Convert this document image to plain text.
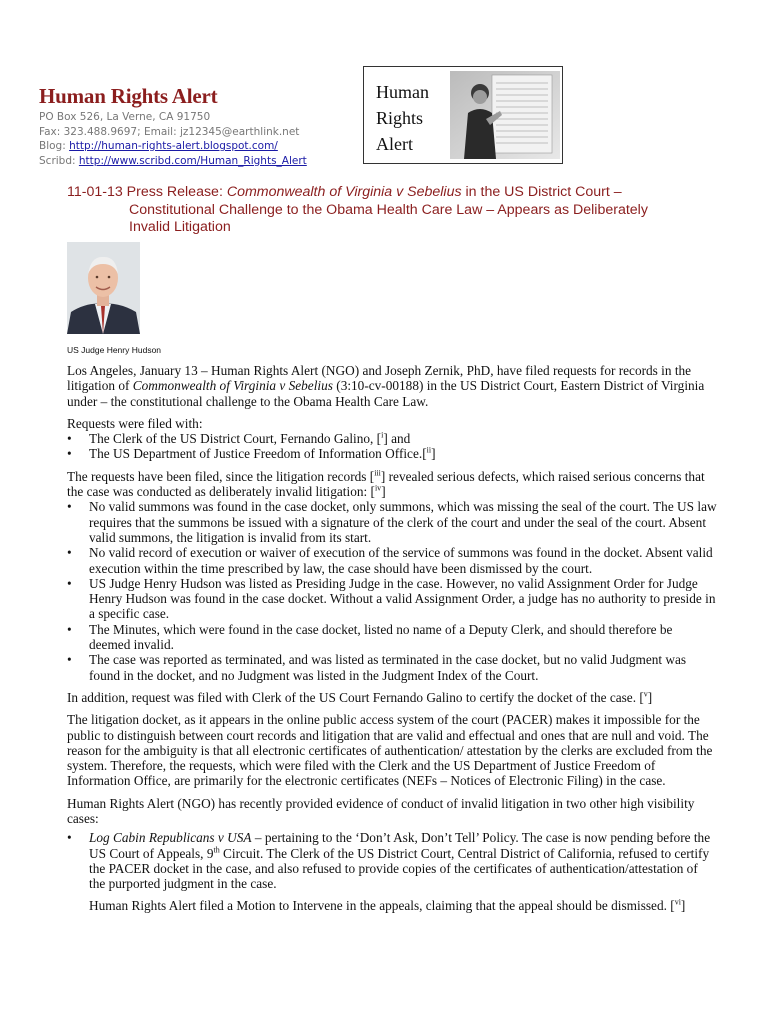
Human Rights Alert
PO Box 526, La Verne, CA 91750
Fax: 323.488.9697; Email: jz12345@earthlink.net
Blog: http://human-rights-alert.blogspot.com/
Scribd: http://www.scribd.com/Human_Rights_Alert
Human
Rights
Alert
11-01-13 Press Release: Commonwealth of Virginia v Sebelius in the US District Court –
Constitutional Challenge to the Obama Health Care Law – Appears as Deliberately
Invalid Litigation
US Judge Henry Hudson

Los Angeles, January 13 – Human Rights Alert (NGO) and Joseph Zernik, PhD, have filed requests for records in the litigation of Commonwealth of Virginia v Sebelius (3:10-cv-00188) in the US District Court, Eastern District of Virginia under – the constitutional challenge to the Obama Health Care Law.

Requests were filed with:
• The Clerk of the US District Court, Fernando Galino, [$^i$] and
• The US Department of Justice Freedom of Information Office.[$^{ii}$]
The requests have been filed, since the litigation records [$^{iii}$] revealed serious defects, which raised serious concerns that the case was conducted as deliberately invalid litigation: [$^{iv}$]
• No valid summons was found in the case docket, only summons, which was missing the seal of the court. The US law requires that the summons be issued with a signature of the clerk of the court and under the seal of the court. Absent valid summons, the litigation is invalid from its start.
• No valid record of execution or waiver of execution of the service of summons was found in the docket. Absent valid execution within the time prescribed by law, the case should have been dismissed by the court.
• US Judge Henry Hudson was listed as Presiding Judge in the case. However, no valid Assignment Order for Judge Henry Hudson was found in the case docket. Without a valid Assignment Order, a judge has no authority to preside in a specific case.
• The Minutes, which were found in the case docket, listed no name of a Deputy Clerk, and should therefore be deemed invalid.
• The case was reported as terminated, and was listed as terminated in the case docket, but no valid Judgment was found in the docket, and no Judgment was listed in the Judgment Index of the Court.

In addition, request was filed with Clerk of the US Court Fernando Galino to certify the docket of the case. [$^v$]

The litigation docket, as it appears in the online public access system of the court (PACER) makes it impossible for the public to distinguish between court records and litigation that are valid and effectual and ones that are null and void. The reason for the ambiguity is that all electronic certificates of authentication/ attestation by the clerks are excluded from the system. Therefore, the requests, which were filed with the Clerk and the US Department of Justice Freedom of Information Office, are primarily for the electronic certificates (NEFs – Notices of Electronic Filing) in the case.

Human Rights Alert (NGO) has recently provided evidence of conduct of invalid litigation in two other high visibility cases:

• Log Cabin Republicans v USA – pertaining to the ‘Don’t Ask, Don’t Tell’ Policy. The case is now pending before the US Court of Appeals, 9th Circuit. The Clerk of the US District Court, Central District of California, refused to certify the PACER docket in the case, and also refused to provide copies of the certificates of authentication/attestation of the purported judgment in the case.
Human Rights Alert filed a Motion to Intervene in the appeals, claiming that the appeal should be dismissed. [$^{vi}$]
